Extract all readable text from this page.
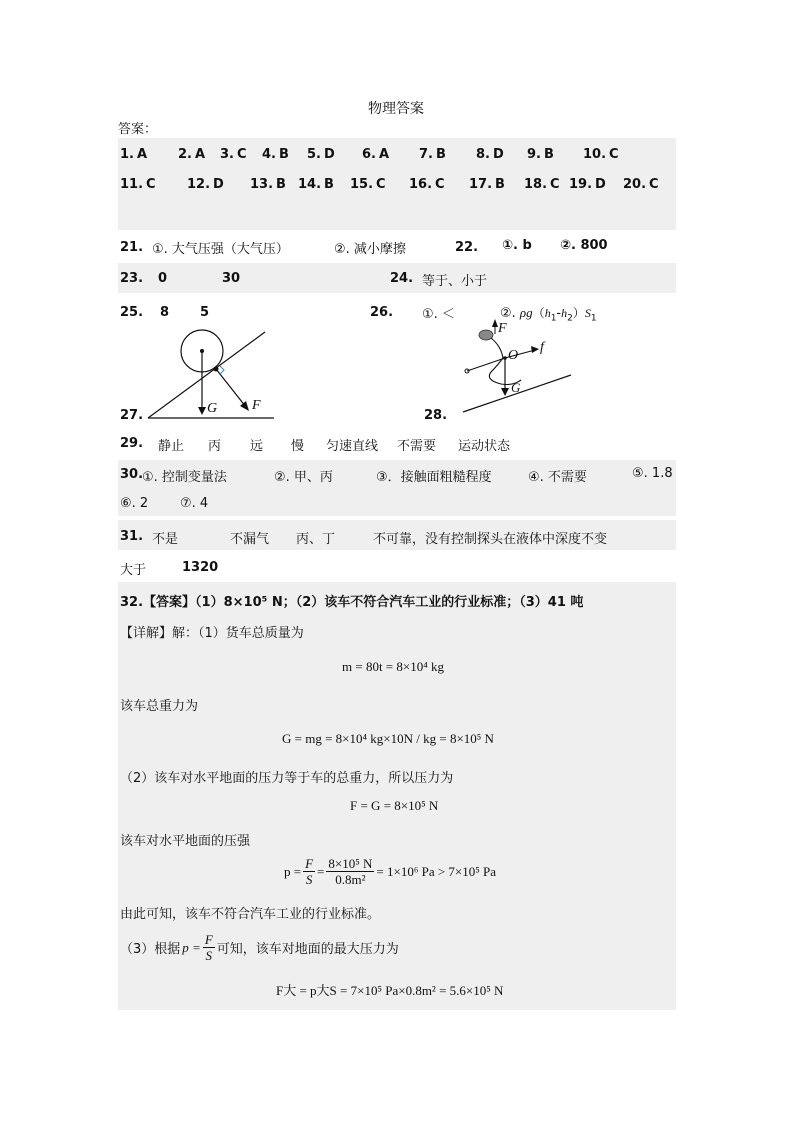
物理答案
答案：
1. A 2. A 3. C 4. B 5. D 6. A 7. B 8. D 9. B 10. C
11. C 12. D 13. B 14. B 15. C 16. C 17. B 18. C 19. D 20. C
21. ①. 大气压强（大气压）	②. 减小摩擦	22. ①. b ②. 800
23. 0	30	24. 等于、小于
25. 8 5	26. ①. ＜	②. $\rho g(h_1-h_2)S_1$
G F
27.
F
O
f
G
28.
29. 静止 丙 远 慢 匀速直线 不需要 运动状态
30.
①. 控制变量法	②. 甲、丙	③．接触面粗糙程度	④. 不需要	⑤. 1.8
⑥. 2 ⑦. 4
31. 不是	不漏气 丙、丁	不可靠，没有控制探头在液体中深度不变
大于	1320
32.【答案】（1）8×10⁵ N；（2）该车不符合汽车工业的行业标准；（3）41 吨
【详解】解：（1）货车总质量为
m = 80t = 8×10⁴ kg
该车总重力为
G = mg = 8×10⁴ kg×10N / kg = 8×10⁵ N
（2）该车对水平地面的压力等于车的总重力，所以压力为
F = G = 8×10⁵ N
该车对水平地面的压强
$p = \frac{F}{S} = \frac{\text{8×10⁵ N}}{\text{0.8m²}} = 1\times 10^6$ Pa > 7×10⁵ Pa
由此可知，该车不符合汽车工业的行业标准。
（3）根据 $p = \frac{F}{S}$ 可知，该车对地面的最大压力为
F大 = p大S = 7×10⁵ Pa×0.8m² = 5.6×10⁵ N
